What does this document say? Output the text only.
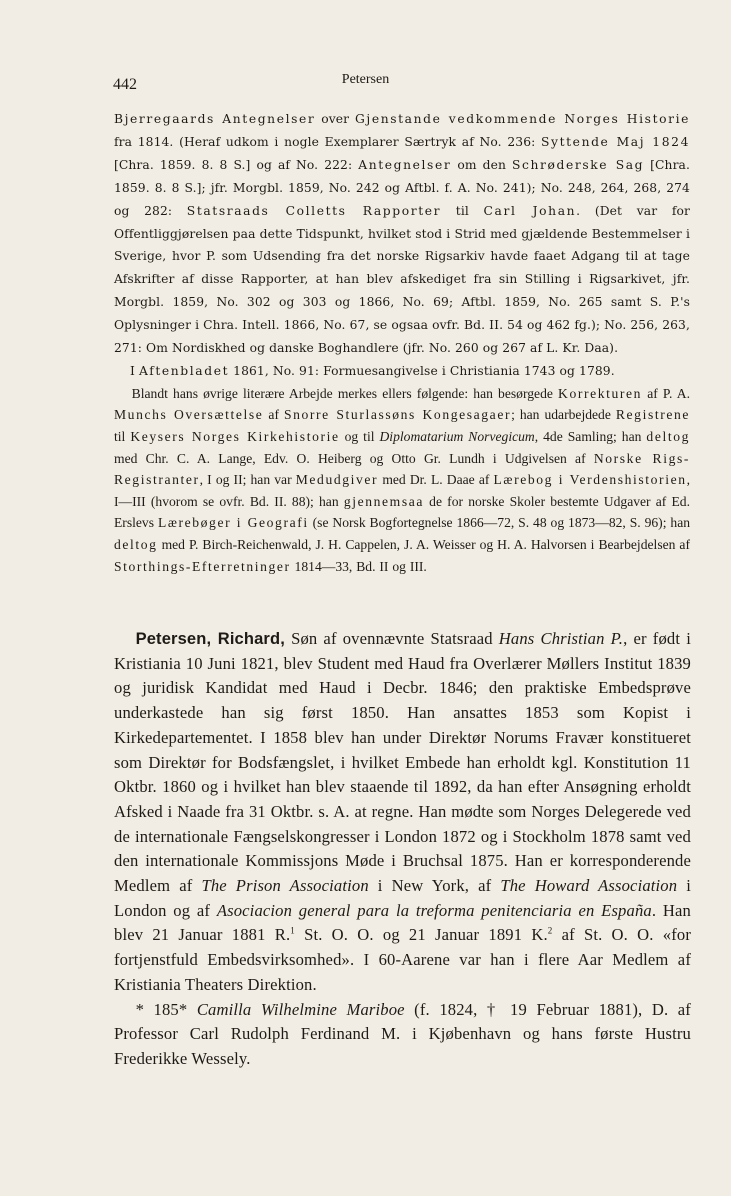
442	Petersen

Bjerregaards Antegnelser over Gjenstande vedkommende Norges Historie fra 1814. (Heraf udkom i nogle Exemplarer Særtryk af No. 236: Syttende Maj 1824 [Chra. 1859. 8. 8 S.] og af No. 222: Antegnelser om den Schrøderske Sag [Chra. 1859. 8. 8 S.]; jfr. Morgbl. 1859, No. 242 og Aftbl. f. A. No. 241); No. 248, 264, 268, 274 og 282: Statsraads Colletts Rapporter til Carl Johan. (Det var for Offentliggjørelsen paa dette Tidspunkt, hvilket stod i Strid med gjældende Bestemmelser i Sverige, hvor P. som Udsending fra det norske Rigsarkiv havde faaet Adgang til at tage Afskrifter af disse Rapporter, at han blev afskediget fra sin Stilling i Rigsarkivet, jfr. Morgbl. 1859, No. 302 og 303 og 1866, No. 69; Aftbl. 1859, No. 265 samt S. P.'s Oplysninger i Chra. Intell. 1866, No. 67, se ogsaa ovfr. Bd. II. 54 og 462 fg.); No. 256, 263, 271: Om Nordiskhed og danske Boghandlere (jfr. No. 260 og 267 af L. Kr. Daa).

I Aftenbladet 1861, No. 91: Formuesangivelse i Christiania 1743 og 1789.

Blandt hans øvrige literære Arbejde merkes ellers følgende: han besørgede Korrekturen af P. A. Munchs Oversættelse af Snorre Sturlassøns Kongesagaer; han udarbejdede Registrene til Keysers Norges Kirkehistorie og til Diplomatarium Norvegicum, 4de Samling; han deltog med Chr. C. A. Lange, Edv. O. Heiberg og Otto Gr. Lundh i Udgivelsen af Norske Rigs-Registranter, I og II; han var Medudgiver med Dr. L. Daae af Lærebog i Verdenshistorien, I—III (hvorom se ovfr. Bd. II. 88); han gjennemsaa de for norske Skoler bestemte Udgaver af Ed. Erslevs Lærebøger i Geografi (se Norsk Bogfortegnelse 1866—72, S. 48 og 1873—82, S. 96); han deltog med P. Birch-Reichenwald, J. H. Cappelen, J. A. Weisser og H. A. Halvorsen i Bearbejdelsen af Storthings-Efterretninger 1814—33, Bd. II og III.

Petersen, Richard, Søn af ovennævnte Statsraad Hans Christian P., er født i Kristiania 10 Juni 1821, blev Student med Haud fra Overlærer Møllers Institut 1839 og juridisk Kandidat med Haud i Decbr. 1846; den praktiske Embedsprøve underkastede han sig først 1850. Han ansattes 1853 som Kopist i Kirkedepartementet. I 1858 blev han under Direktør Norums Fravær konstitueret som Direktør for Bodsfængslet, i hvilket Embede han erholdt kgl. Konstitution 11 Oktbr. 1860 og i hvilket han blev staaende til 1892, da han efter Ansøgning erholdt Afsked i Naade fra 31 Oktbr. s. A. at regne. Han mødte som Norges Delegerede ved de internationale Fængselskongresser i London 1872 og i Stockholm 1878 samt ved den internationale Kommissjons Møde i Bruchsal 1875. Han er korresponderende Medlem af The Prison Association i New York, af The Howard Association i London og af Asociacion general para la treforma penitenciaria en España. Han blev 21 Januar 1881 R.$^1$ St. O. O. og 21 Januar 1891 K.$^2$ af St. O. O. «for fortjenstfuld Embedsvirksomhed». I 60-Aarene var han i flere Aar Medlem af Kristiania Theaters Direktion.

* 185* Camilla Wilhelmine Mariboe (f. 1824, † 19 Februar 1881), D. af Professor Carl Rudolph Ferdinand M. i Kjøbenhavn og hans første Hustru Frederikke Wessely.
